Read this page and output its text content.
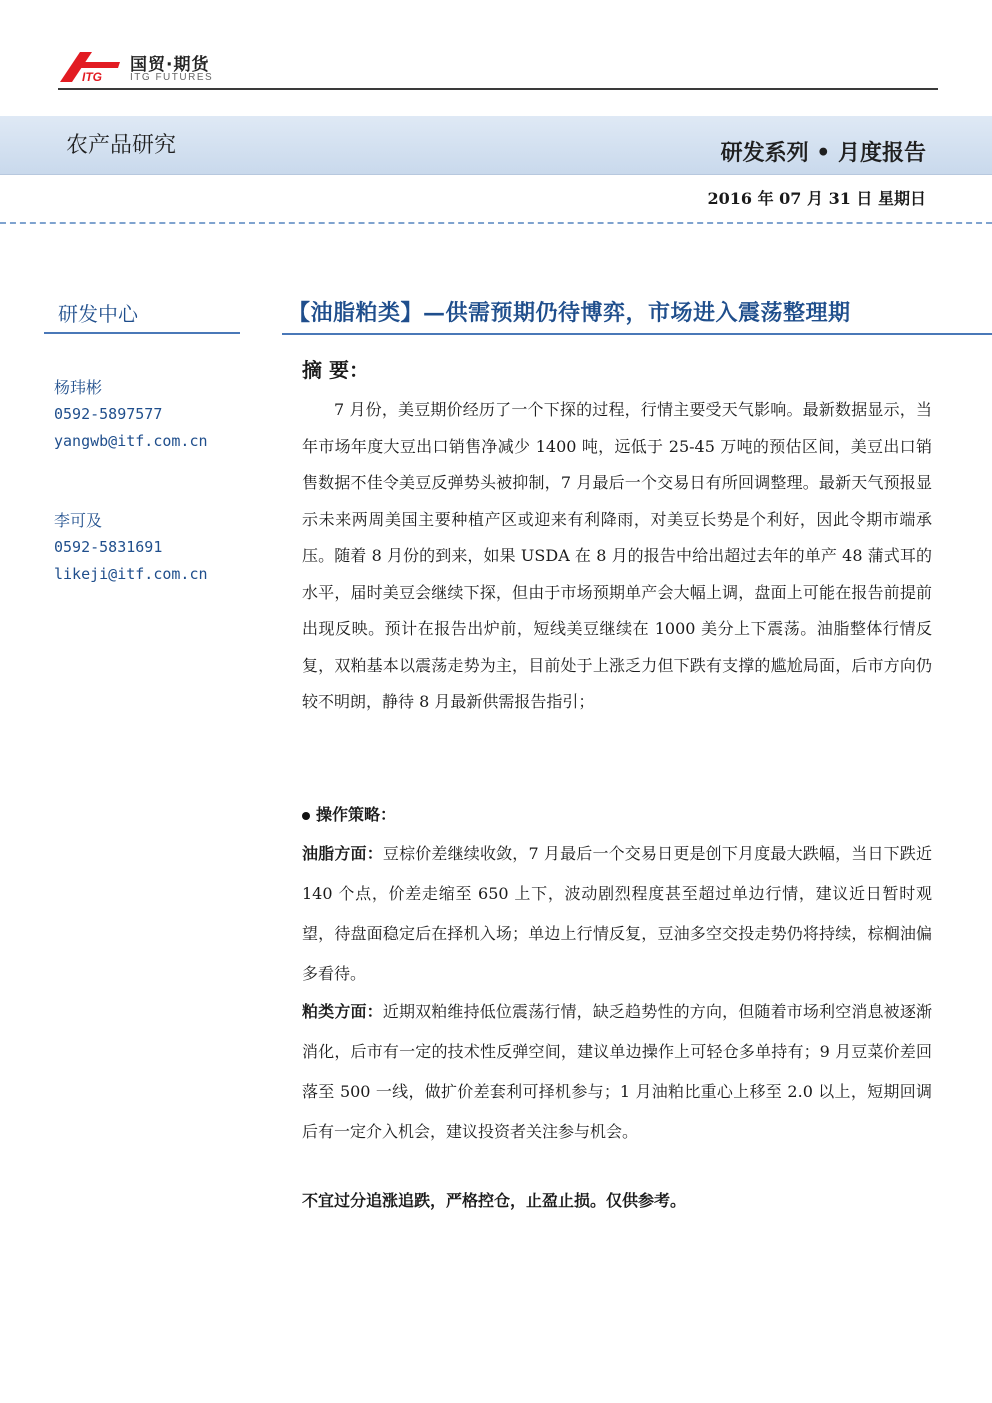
ITG
国贸·期货
ITG FUTURES
农产品研究	研发系列 • 月度报告
2016 年 07 月 31 日 星期日
研发中心
杨玮彬
0592-5897577
yangwb@itf.com.cn
李可及
0592-5831691
likeji@itf.com.cn
【油脂粕类】—供需预期仍待博弈，市场进入震荡整理期
摘 要：

7 月份，美豆期价经历了一个下探的过程，行情主要受天气影响。最新数据显示，当年市场年度大豆出口销售净减少 1400 吨，远低于 25-45 万吨的预估区间，美豆出口销售数据不佳令美豆反弹势头被抑制，7 月最后一个交易日有所回调整理。最新天气预报显示未来两周美国主要种植产区或迎来有利降雨，对美豆长势是个利好，因此令期市端承压。随着 8 月份的到来，如果 USDA 在 8 月的报告中给出超过去年的单产 48 蒲式耳的水平，届时美豆会继续下探，但由于市场预期单产会大幅上调，盘面上可能在报告前提前出现反映。预计在报告出炉前，短线美豆继续在 1000 美分上下震荡。油脂整体行情反复，双粕基本以震荡走势为主，目前处于上涨乏力但下跌有支撑的尴尬局面，后市方向仍较不明朗，静待 8 月最新供需报告指引；

操作策略：

油脂方面：豆棕价差继续收敛，7 月最后一个交易日更是创下月度最大跌幅，当日下跌近 140 个点，价差走缩至 650 上下，波动剧烈程度甚至超过单边行情，建议近日暂时观望，待盘面稳定后在择机入场；单边上行情反复，豆油多空交投走势仍将持续，棕榈油偏多看待。

粕类方面：近期双粕维持低位震荡行情，缺乏趋势性的方向，但随着市场利空消息被逐渐消化，后市有一定的技术性反弹空间，建议单边操作上可轻仓多单持有；9 月豆菜价差回落至 500 一线，做扩价差套利可择机参与；1 月油粕比重心上移至 2.0 以上，短期回调后有一定介入机会，建议投资者关注参与机会。

不宜过分追涨追跌，严格控仓，止盈止损。仅供参考。
